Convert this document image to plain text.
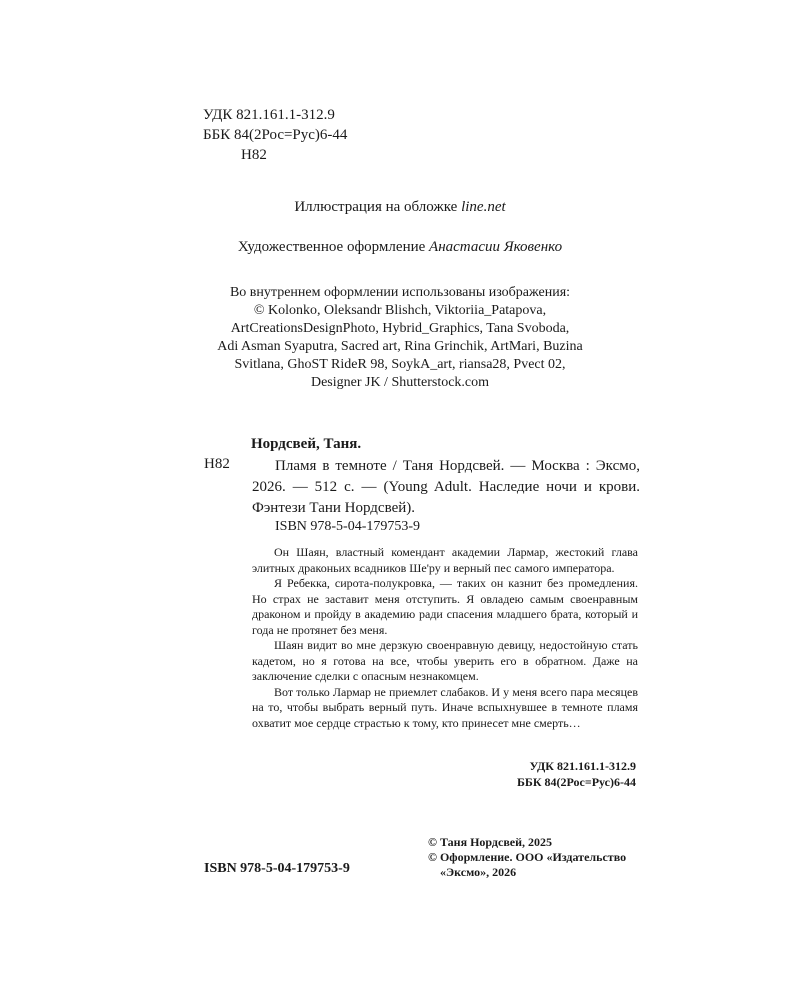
УДК 821.161.1-312.9
ББК 84(2Рос=Рус)6-44
Н82
Иллюстрация на обложке line.net
Художественное оформление Анастасии Яковенко
Во внутреннем оформлении использованы изображения:
© Kolonko, Oleksandr Blishch, Viktoriia_Patapova,
ArtCreationsDesignPhoto, Hybrid_Graphics, Tana Svoboda,
Adi Asman Syaputra, Sacred art, Rina Grinchik, ArtMari, Buzina
Svitlana, GhoST RideR 98, SoykA_art, riansa28, Pvect 02,
Designer JK / Shutterstock.com
Нордсвей, Таня.
Н82	Пламя в темноте / Таня Нордсвей. — Москва : Эксмо, 2026. — 512 с. — (Young Adult. Наследие ночи и крови. Фэнтези Тани Нордсвей).
ISBN 978-5-04-179753-9

Он Шаян, властный комендант академии Лармар, жестокий глава элитных драконьих всадников Ше'ру и верный пес самого императора.

Я Ребекка, сирота-полукровка, — таких он казнит без промедления. Но страх не заставит меня отступить. Я овладею самым своенравным драконом и пройду в академию ради спасения младшего брата, который и года не протянет без меня.

Шаян видит во мне дерзкую своенравную девицу, недостойную стать кадетом, но я готова на все, чтобы уверить его в обратном. Даже на заключение сделки с опасным незнакомцем.

Вот только Лармар не приемлет слабаков. И у меня всего пара месяцев на то, чтобы выбрать верный путь. Иначе вспыхнувшее в темноте пламя охватит мое сердце страстью к тому, кто принесет мне смерть…

УДК 821.161.1-312.9
ББК 84(2Рос=Рус)6-44
ISBN 978-5-04-179753-9
© Таня Нордсвей, 2025
© Оформление. ООО «Издательство
«Эксмо», 2026
